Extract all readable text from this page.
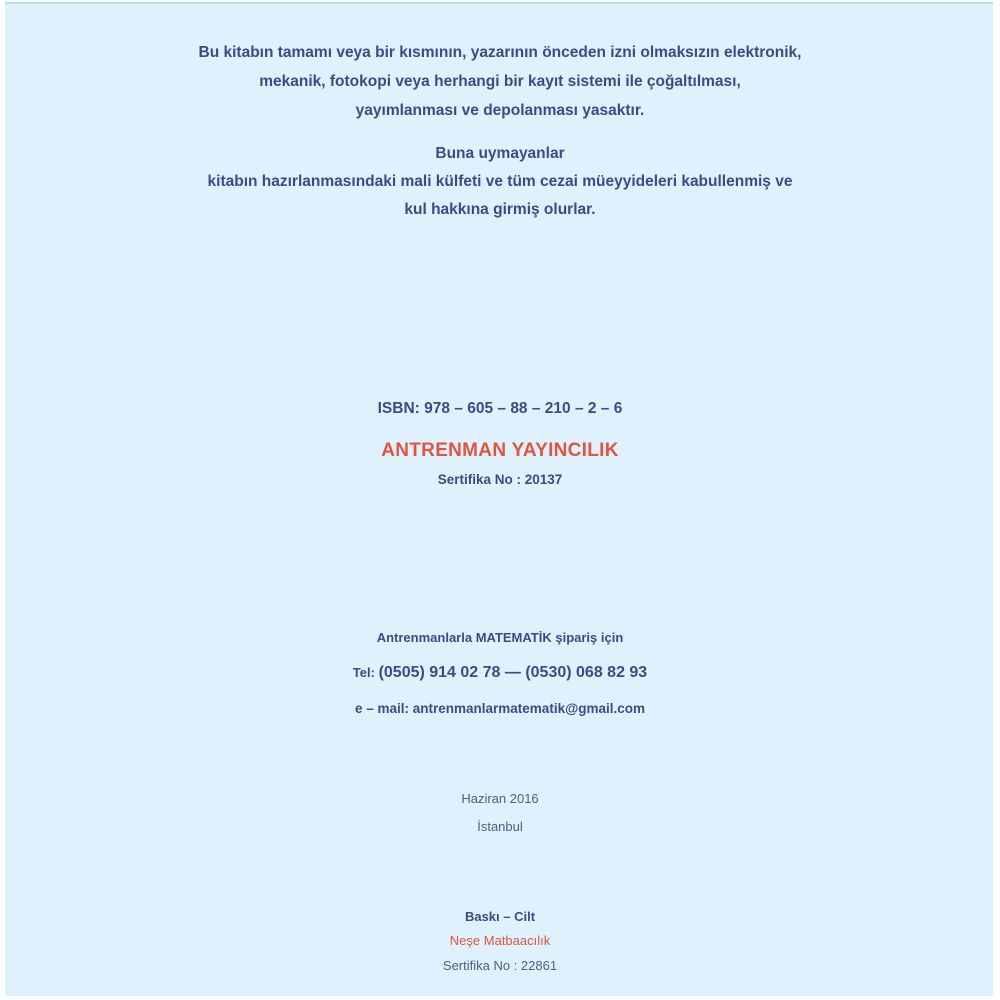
Bu kitabın tamamı veya bir kısmının, yazarının önceden izni olmaksızın elektronik,
mekanik, fotokopi veya herhangi bir kayıt sistemi ile çoğaltılması,
yayımlanması ve depolanması yasaktır.
Buna uymayanlar
kitabın hazırlanmasındaki mali külfeti ve tüm cezai müeyyideleri kabullenmiş ve
kul hakkına girmiş olurlar.
ISBN: 978 – 605 – 88 – 210 – 2 – 6
ANTRENMAN YAYINCILIK
Sertifika No : 20137
Antrenmanlarla MATEMATİK şipariş için
Tel: (0505) 914 02 78 — (0530) 068 82 93
e – mail: antrenmanlarmatematik@gmail.com
Haziran 2016
İstanbul
Baskı – Cilt
Neşe Matbaacılık
Sertifika No : 22861
